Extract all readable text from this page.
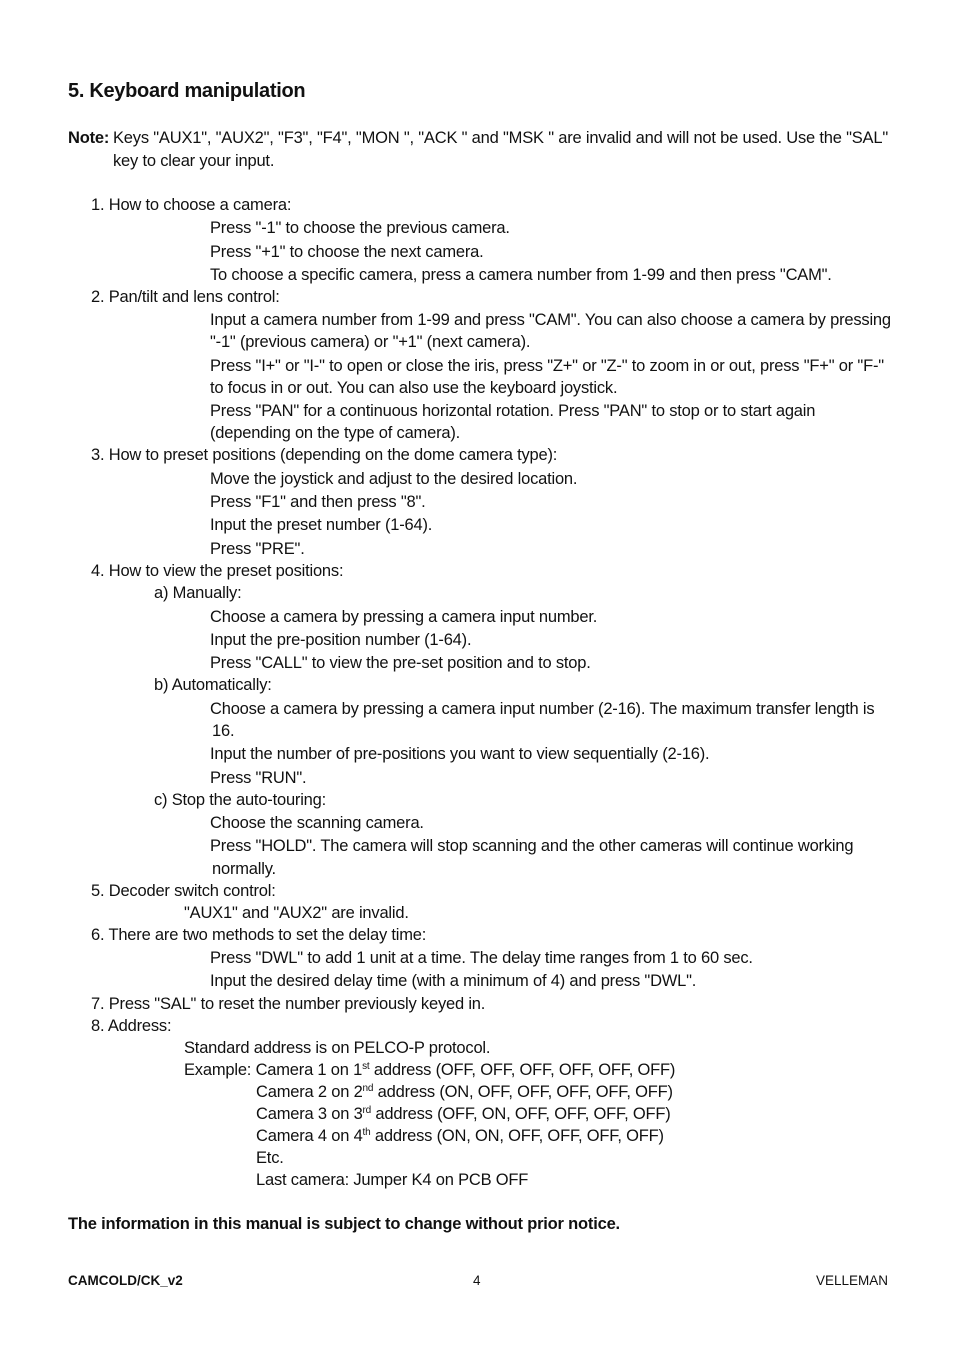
5. Keyboard manipulation
Note: Keys "AUX1", "AUX2", "F3", "F4", "MON ", "ACK " and "MSK " are invalid and will not be used. Use the "SAL"
key to clear your input.
1. How to choose a camera:
Press "-1" to choose the previous camera.
Press "+1" to choose the next camera.
To choose a specific camera, press a camera number from 1-99 and then press "CAM".
2. Pan/tilt and lens control:
Input a camera number from 1-99 and press "CAM". You can also choose a camera by pressing
"-1" (previous camera) or "+1" (next camera).
Press "I+" or "I-" to open or close the iris, press "Z+" or "Z-" to zoom in or out, press "F+" or "F-"
to focus in or out. You can also use the keyboard joystick.
Press "PAN" for a continuous horizontal rotation. Press "PAN" to stop or to start again
(depending on the type of camera).
3. How to preset positions (depending on the dome camera type):
Move the joystick and adjust to the desired location.
Press "F1" and then press "8".
Input the preset number (1-64).
Press "PRE".
4. How to view the preset positions:
a) Manually:
Choose a camera by pressing a camera input number.
Input the pre-position number (1-64).
Press "CALL" to view the pre-set position and to stop.
b) Automatically:
Choose a camera by pressing a camera input number (2-16). The maximum transfer length is
16.
Input the number of pre-positions you want to view sequentially (2-16).
Press "RUN".
c) Stop the auto-touring:
Choose the scanning camera.
Press "HOLD". The camera will stop scanning and the other cameras will continue working
normally.
5. Decoder switch control:
"AUX1" and "AUX2" are invalid.
6. There are two methods to set the delay time:
Press "DWL" to add 1 unit at a time. The delay time ranges from 1 to 60 sec.
Input the desired delay time (with a minimum of 4) and press "DWL".
7. Press "SAL" to reset the number previously keyed in.
8. Address:
Standard address is on PELCO-P protocol.
Example: Camera 1 on 1st address (OFF, OFF, OFF, OFF, OFF, OFF)
Camera 2 on 2nd address (ON, OFF, OFF, OFF, OFF, OFF)
Camera 3 on 3rd address (OFF, ON, OFF, OFF, OFF, OFF)
Camera 4 on 4th address (ON, ON, OFF, OFF, OFF, OFF)
Etc.
Last camera: Jumper K4 on PCB OFF
The information in this manual is subject to change without prior notice.
CAMCOLD/CK_v2	4	VELLEMAN
